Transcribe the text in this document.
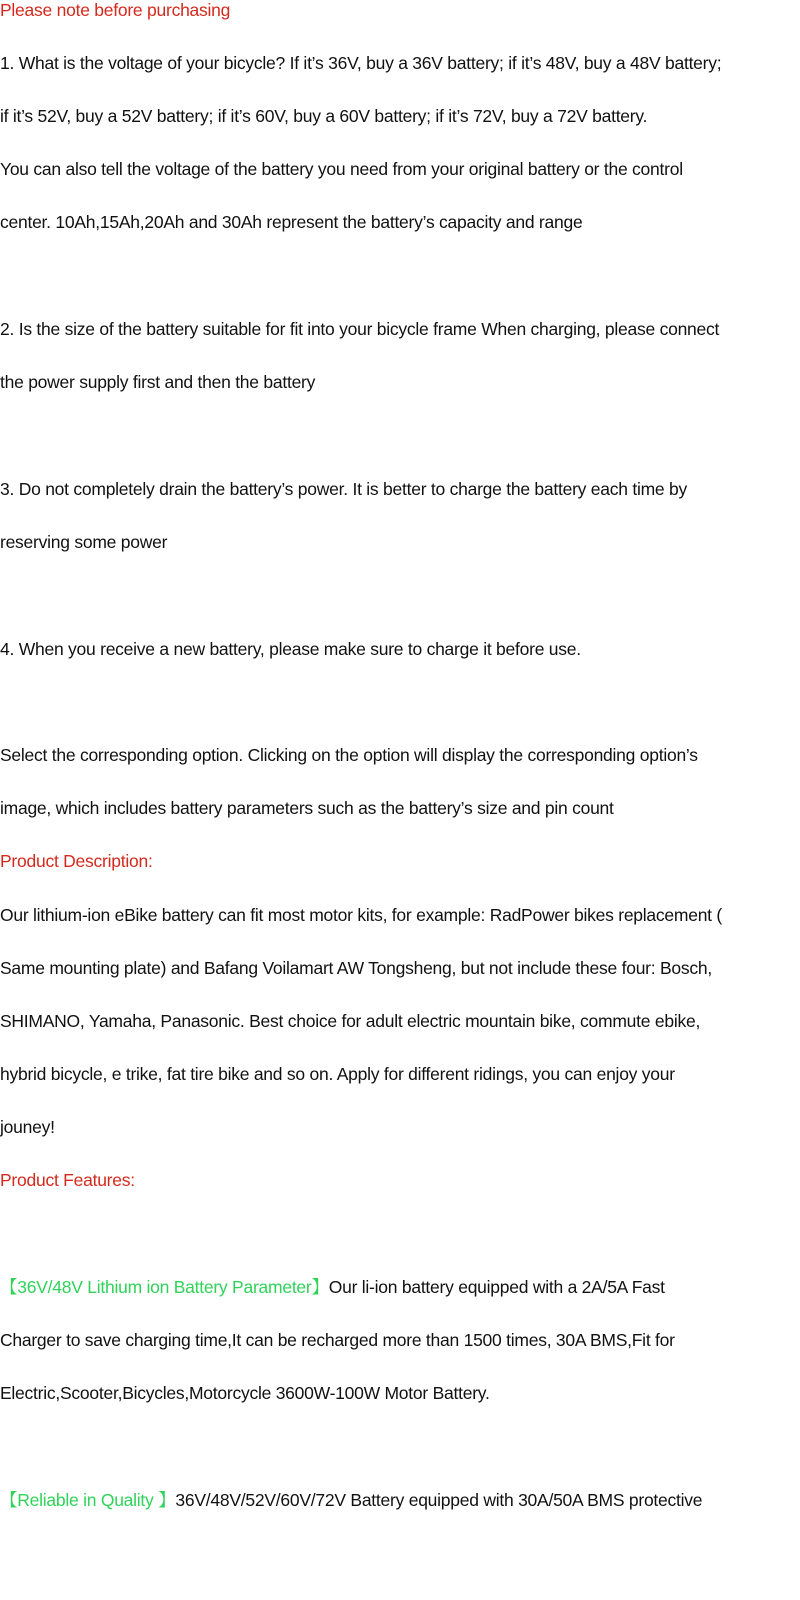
Please note before purchasing
1. What is the voltage of your bicycle? If it’s 36V, buy a 36V battery; if it’s 48V, buy a 48V battery;
if it’s 52V, buy a 52V battery; if it’s 60V, buy a 60V battery; if it’s 72V, buy a 72V battery.
You can also tell the voltage of the battery you need from your original battery or the control
center. 10Ah,15Ah,20Ah and 30Ah represent the battery’s capacity and range
2. Is the size of the battery suitable for fit into your bicycle frame When charging, please connect
the power supply first and then the battery
3. Do not completely drain the battery’s power. It is better to charge the battery each time by
reserving some power
4. When you receive a new battery, please make sure to charge it before use.
Select the corresponding option. Clicking on the option will display the corresponding option’s
image, which includes battery parameters such as the battery’s size and pin count
Product Description:
Our lithium-ion eBike battery can fit most motor kits, for example: RadPower bikes replacement (
Same mounting plate) and Bafang Voilamart AW Tongsheng, but not include these four: Bosch,
SHIMANO, Yamaha, Panasonic. Best choice for adult electric mountain bike, commute ebike,
hybrid bicycle, e trike, fat tire bike and so on. Apply for different ridings, you can enjoy your
jouney!
Product Features:
【36V/48V Lithium ion Battery Parameter】Our li-ion battery equipped with a 2A/5A Fast
Charger to save charging time,It can be recharged more than 1500 times, 30A BMS,Fit for
Electric,Scooter,Bicycles,Motorcycle 3600W-100W Motor Battery.
【Reliable in Quality 】36V/48V/52V/60V/72V Battery equipped with 30A/50A BMS protective
